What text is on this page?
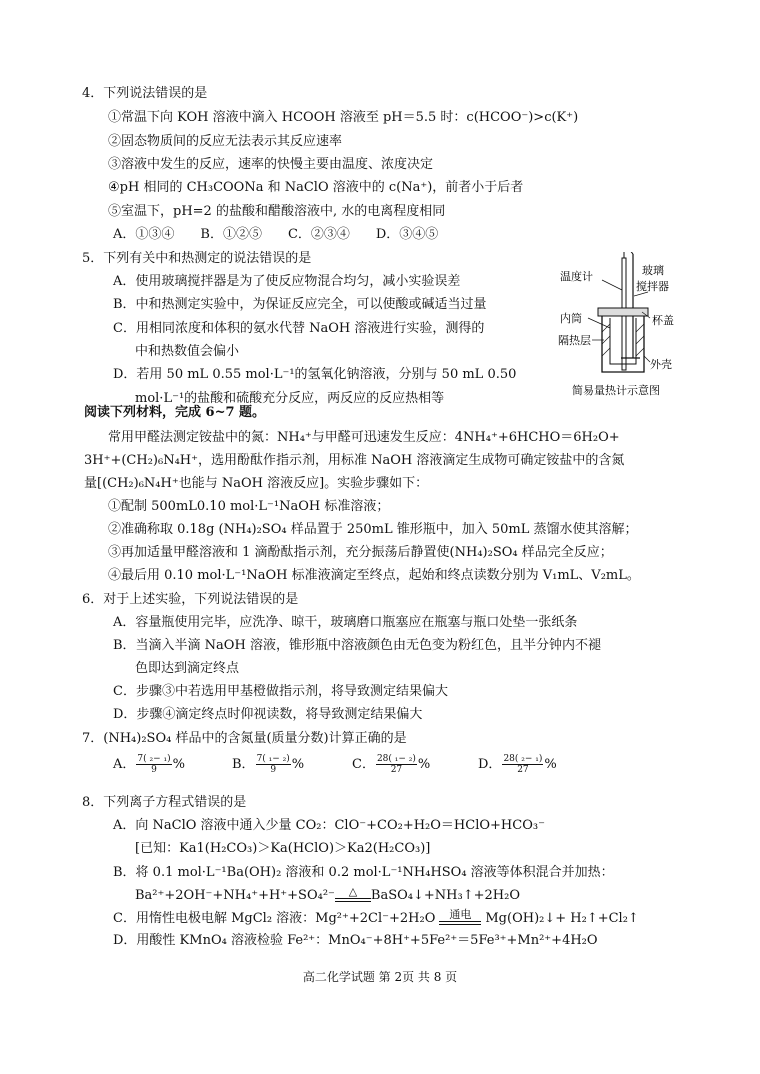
4．下列说法错误的是
①常温下向 KOH 溶液中滴入 HCOOH 溶液至 pH＝5.5 时：c(HCOO⁻)>c(K⁺)
②固态物质间的反应无法表示其反应速率
③溶液中发生的反应，速率的快慢主要由温度、浓度决定
④pH 相同的 CH₃COONa 和 NaClO 溶液中的 c(Na⁺)，前者小于后者
⑤室温下，pH=2 的盐酸和醋酸溶液中, 水的电离程度相同
A．①③④　　B．①②⑤　　C．②③④　　D．③④⑤
5．下列有关中和热测定的说法错误的是
A．使用玻璃搅拌器是为了使反应物混合均匀，减小实验误差
B．中和热测定实验中，为保证反应完全，可以使酸或碱适当过量
C．用相同浓度和体积的氨水代替 NaOH 溶液进行实验，测得的
中和热数值会偏小
D．若用 50 mL 0.55 mol·L⁻¹的氢氧化钠溶液，分别与 50 mL 0.50
mol·L⁻¹的盐酸和硫酸充分反应，两反应的反应热相等
温度计	玻璃
搅拌器
内筒	杯盖
隔热层
外壳
简易量热计示意图
阅读下列材料，完成 6~7 题。
常用甲醛法测定铵盐中的氮：NH₄⁺与甲醛可迅速发生反应：4NH₄⁺+6HCHO＝6H₂O+
3H⁺+(CH₂)₆N₄H⁺，选用酚酞作指示剂，用标准 NaOH 溶液滴定生成物可确定铵盐中的含氮
量[(CH₂)₆N₄H⁺也能与 NaOH 溶液反应]。实验步骤如下：
①配制 500mL0.10 mol·L⁻¹NaOH 标准溶液；
②准确称取 0.18g (NH₄)₂SO₄ 样品置于 250mL 锥形瓶中，加入 50mL 蒸馏水使其溶解；
③再加适量甲醛溶液和 1 滴酚酞指示剂，充分振荡后静置使(NH₄)₂SO₄ 样品完全反应；
④最后用 0.10 mol·L⁻¹NaOH 标准液滴定至终点，起始和终点读数分别为 V₁mL、V₂mL。
6．对于上述实验，下列说法错误的是
A．容量瓶使用完毕，应洗净、晾干，玻璃磨口瓶塞应在瓶塞与瓶口处垫一张纸条
B．当滴入半滴 NaOH 溶液，锥形瓶中溶液颜色由无色变为粉红色，且半分钟内不褪
色即达到滴定终点
C．步骤③中若选用甲基橙做指示剂，将导致测定结果偏大
D．步骤④滴定终点时仰视读数，将导致测定结果偏大
7．(NH₄)₂SO₄ 样品中的含氮量(质量分数)计算正确的是
A． $\frac{\text{7( ₂− ₁)}}{9}$ %	B． $\frac{\text{7( ₁− ₂)}}{9}$ %	C． $\frac{\text{28( ₁− ₂)}}{27}$ %	D． $\frac{\text{28( ₂− ₁)}}{27}$ %
8．下列离子方程式错误的是
A．向 NaClO 溶液中通入少量 CO₂：ClO⁻+CO₂+H₂O＝HClO+HCO₃⁻
[已知：Ka1(H₂CO₃)＞Ka(HClO)＞Ka2(H₂CO₃)]
B．将 0.1 mol·L⁻¹Ba(OH)₂ 溶液和 0.2 mol·L⁻¹NH₄HSO₄ 溶液等体积混合并加热：
Ba²⁺+2OH⁻+NH₄⁺+H⁺+SO₄²⁻	△	BaSO₄↓+NH₃↑+2H₂O
C．用惰性电极电解 MgCl₂ 溶液：Mg²⁺+2Cl⁻+2H₂O	通电	Mg(OH)₂↓+ H₂↑+Cl₂↑
D．用酸性 KMnO₄ 溶液检验 Fe²⁺：MnO₄⁻+8H⁺+5Fe²⁺＝5Fe³⁺+Mn²⁺+4H₂O
高二化学试题 第 2页 共 8 页
